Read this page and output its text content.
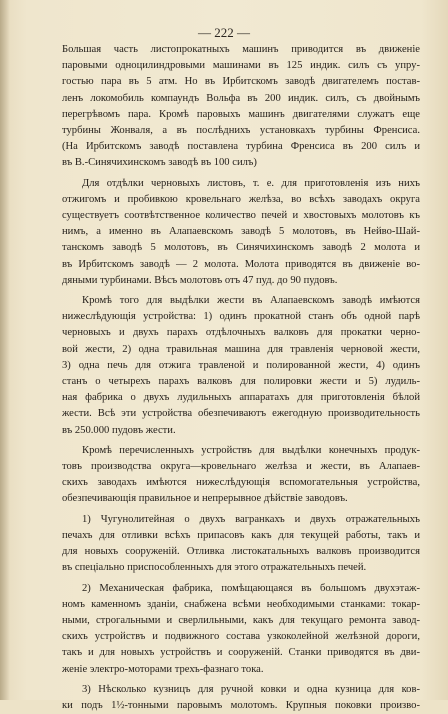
— 222 —
Большая часть листопрокатныхъ машинъ приводится въ движеніе
паровыми одноцилиндровыми машинами въ 125 индик. силъ съ упру-
гостью пара въ 5 атм. Но въ Ирбитскомъ заводѣ двигателемъ постав-
ленъ локомобиль компаундъ Вольфа въ 200 индик. силъ, съ двойнымъ
перегрѣвомъ пара. Кромѣ паровыхъ машинъ двигателями служатъ еще
турбины Жонваля, а въ послѣднихъ установкахъ турбины Френсиса.
(На Ирбитскомъ заводѣ поставлена турбина Френсиса въ 200 силъ и
въ В.-Синячихинскомъ заводѣ въ 100 силъ)
Для отдѣлки черновыхъ листовъ, т. е. для приготовленія изъ нихъ
отжигомъ и пробивкою кровельнаго желѣза, во всѣхъ заводахъ округа
существуетъ соотвѣтственное количество печей и хвостовыхъ молотовъ къ
нимъ, а именно въ Алапаевскомъ заводѣ 5 молотовъ, въ Нейво-Шай-
танскомъ заводѣ 5 молотовъ, въ Синячихинскомъ заводѣ 2 молота и
въ Ирбитскомъ заводѣ — 2 молота. Молота приводятся въ движеніе во-
дяными турбинами. Вѣсъ молотовъ отъ 47 пуд. до 90 пудовъ.
Кромѣ того для выдѣлки жести въ Алапаевскомъ заводѣ имѣются
нижеслѣдующія устройства: 1) одинъ прокатной станъ объ одной парѣ
черновыхъ и двухъ парахъ отдѣлочныхъ валковъ для прокатки черно-
вой жести, 2) одна травильная машина для травленія черновой жести,
3) одна печь для отжига травленой и полированной жести, 4) одинъ
станъ о четырехъ парахъ валковъ для полировки жести и 5) лудиль-
ная фабрика о двухъ лудильныхъ аппаратахъ для приготовленія бѣлой
жести. Всѣ эти устройства обезпечиваютъ ежегодную производительность
въ 250.000 пудовъ жести.
Кромѣ перечисленныхъ устройствъ для выдѣлки конечныхъ продук-
товъ производства округа—кровельнаго желѣза и жести, въ Алапаев-
скихъ заводахъ имѣются нижеслѣдующія вспомогательныя устройства,
обезпечивающія правильное и непрерывное дѣйствіе заводовъ.
1) Чугунолитейная о двухъ вагранкахъ и двухъ отражательныхъ
печахъ для отливки всѣхъ припасовъ какъ для текущей работы, такъ и
для новыхъ сооруженій. Отливка листокатальныхъ валковъ производится
въ спеціально приспособленныхъ для этого отражательныхъ печей.
2) Механическая фабрика, помѣщающаяся въ большомъ двухэтаж-
номъ каменномъ зданіи, снабжена всѣми необходимыми станками: токар-
ными, строгальными и сверлильными, какъ для текущаго ремонта завод-
скихъ устройствъ и подвижного состава узкоколейной желѣзной дороги,
такъ и для новыхъ устройствъ и сооруженій. Станки приводятся въ дви-
женіе электро-моторами трехъ-фазнаго тока.
3) Нѣсколько кузницъ для ручной ковки и одна кузница для ков-
ки подъ 1½-тонными паровымъ молотомъ. Крупныя поковки произво-
